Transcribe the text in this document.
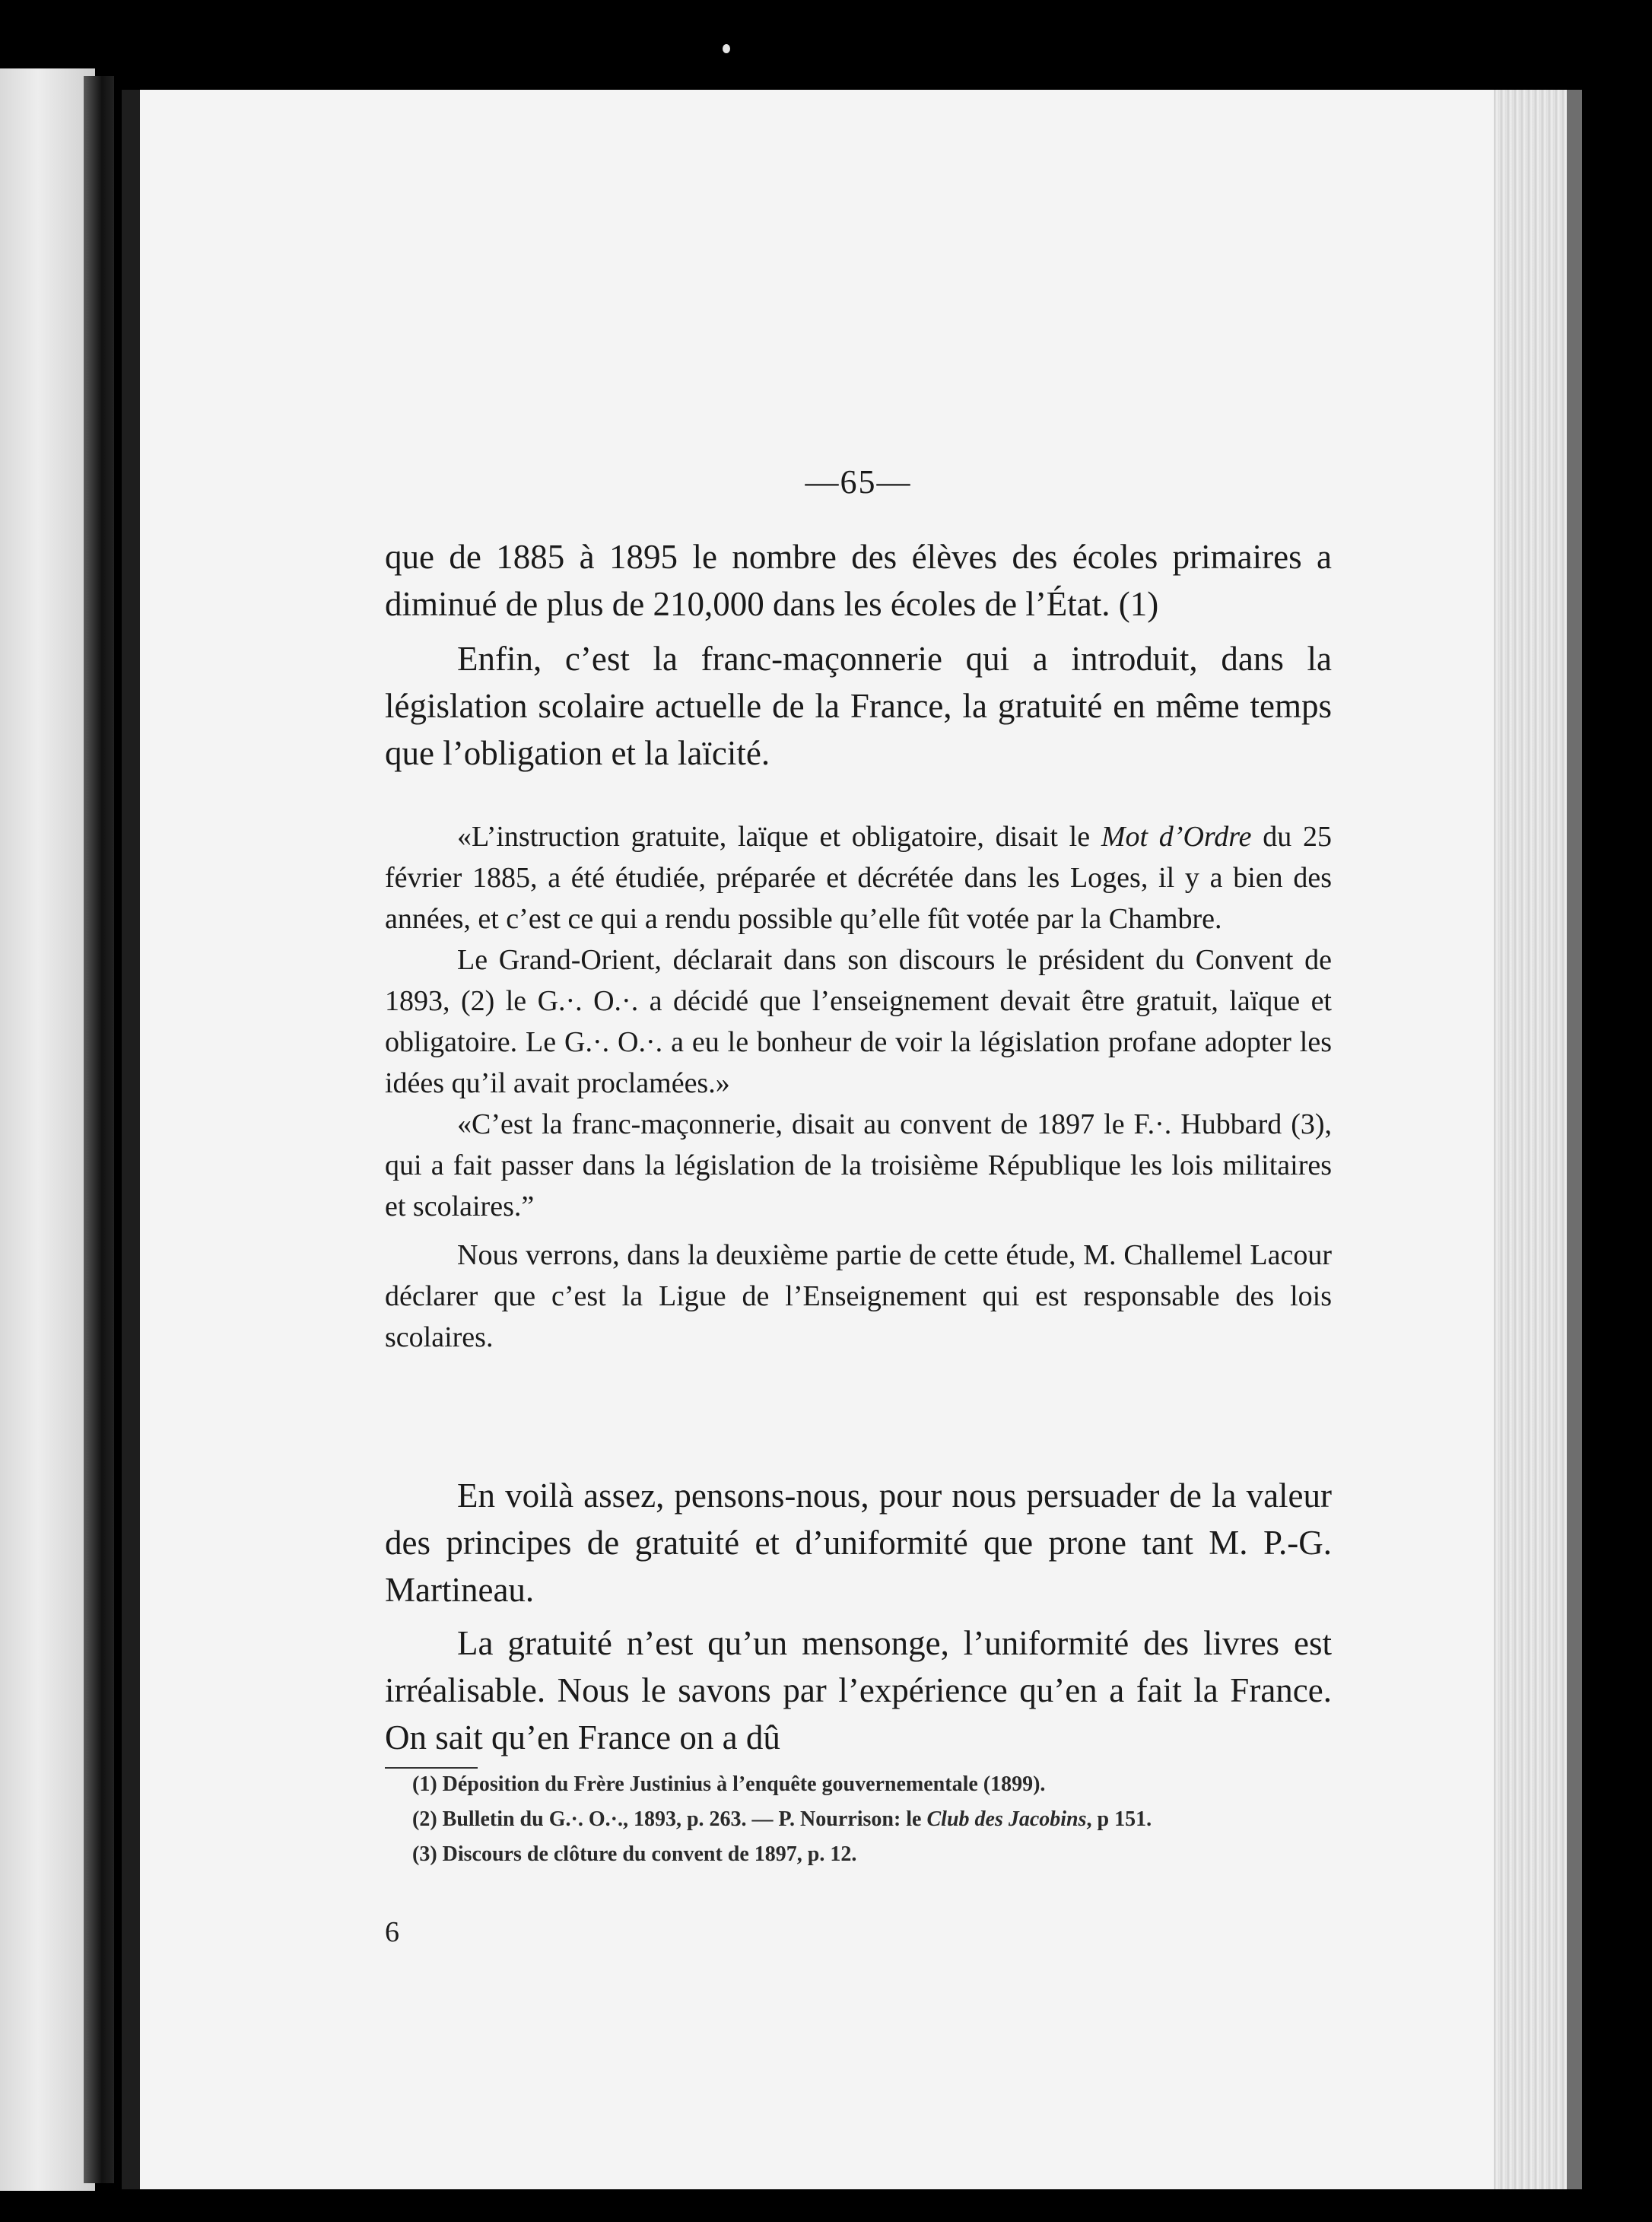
—65—

que de 1885 à 1895 le nombre des élèves des écoles primaires a diminué de plus de 210,000 dans les écoles de l’État. (1)

Enfin, c’est la franc-maçonnerie qui a introduit, dans la législation scolaire actuelle de la France, la gratuité en même temps que l’obligation et la laïcité.

«L’instruction gratuite, laïque et obligatoire, disait le Mot d’Ordre du 25 février 1885, a été étudiée, préparée et décrétée dans les Loges, il y a bien des années, et c’est ce qui a rendu possible qu’elle fût votée par la Chambre.

Le Grand-Orient, déclarait dans son discours le président du Convent de 1893, (2) le G.·. O.·. a décidé que l’enseignement devait être gratuit, laïque et obligatoire. Le G.·. O.·. a eu le bonheur de voir la législation profane adopter les idées qu’il avait proclamées.»

«C’est la franc-maçonnerie, disait au convent de 1897 le F.·. Hubbard (3), qui a fait passer dans la législation de la troisième République les lois militaires et scolaires.”

Nous verrons, dans la deuxième partie de cette étude, M. Challemel Lacour déclarer que c’est la Ligue de l’Enseignement qui est responsable des lois scolaires.

En voilà assez, pensons-nous, pour nous persuader de la valeur des principes de gratuité et d’uniformité que prone tant M. P.-G. Martineau.

La gratuité n’est qu’un mensonge, l’uniformité des livres est irréalisable. Nous le savons par l’expérience qu’en a fait la France. On sait qu’en France on a dû

(1) Déposition du Frère Justinius à l’enquête gouvernementale (1899).

(2) Bulletin du G.·. O.·., 1893, p. 263. — P. Nourrison: le Club des Jacobins, p 151.

(3) Discours de clôture du convent de 1897, p. 12.

6
